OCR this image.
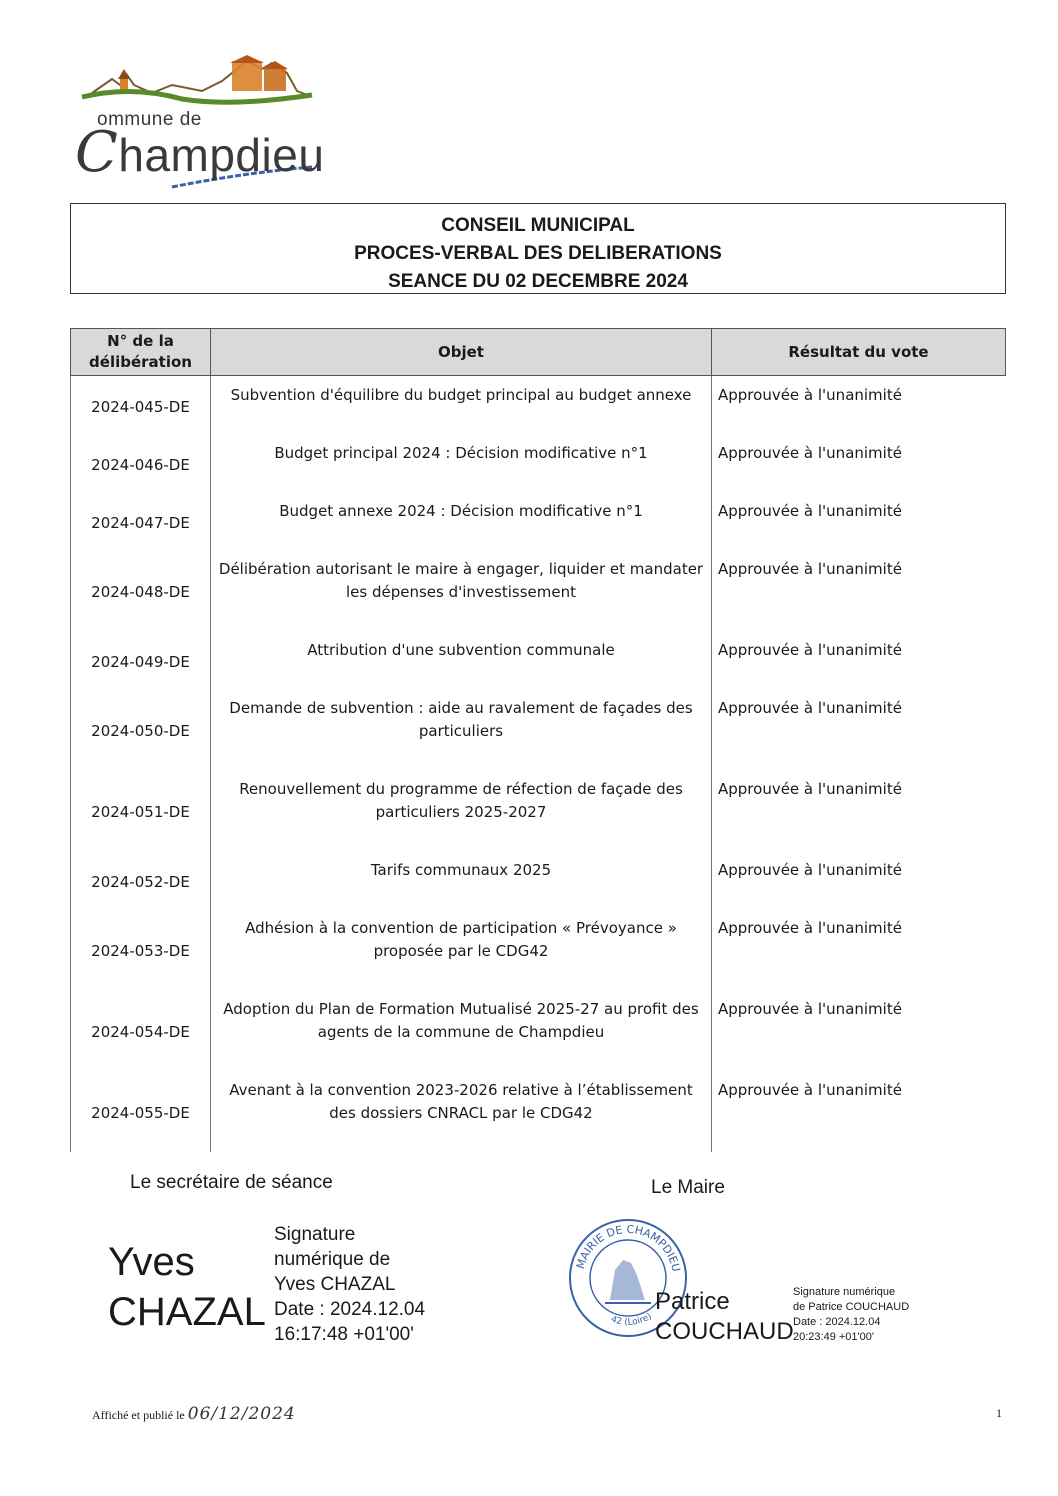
ommune de
Champdieu
CONSEIL MUNICIPAL
PROCES-VERBAL DES DELIBERATIONS
SEANCE DU 02 DECEMBRE 2024
N° de la
délibération	Objet	Résultat du vote
2024-045-DE	Subvention d'équilibre du budget principal au budget annexe	Approuvée à l'unanimité
2024-046-DE	Budget principal 2024 : Décision modificative n°1	Approuvée à l'unanimité
2024-047-DE	Budget annexe 2024 : Décision modificative n°1	Approuvée à l'unanimité
2024-048-DE	Délibération autorisant le maire à engager, liquider et mandater les dépenses d'investissement	Approuvée à l'unanimité
2024-049-DE	Attribution d'une subvention communale	Approuvée à l'unanimité
2024-050-DE	Demande de subvention : aide au ravalement de façades des particuliers	Approuvée à l'unanimité
2024-051-DE	Renouvellement du programme de réfection de façade des particuliers 2025-2027	Approuvée à l'unanimité
2024-052-DE	Tarifs communaux 2025	Approuvée à l'unanimité
2024-053-DE	Adhésion à la convention de participation « Prévoyance » proposée par le CDG42	Approuvée à l'unanimité
2024-054-DE	Adoption du Plan de Formation Mutualisé 2025-27 au profit des agents de la commune de Champdieu	Approuvée à l'unanimité
2024-055-DE	Avenant à la convention 2023-2026 relative à l’établissement des dossiers CNRACL par le CDG42	Approuvée à l'unanimité
Le secrétaire de séance	Le Maire
Yves
CHAZAL
Signature
numérique de
Yves CHAZAL
Date : 2024.12.04
16:17:48 +01'00'
MAIRIE DE CHAMPDIEU
42 (Loire)
Patrice
COUCHAUD
Signature numérique
de Patrice COUCHAUD
Date : 2024.12.04
20:23:49 +01'00'
Affiché et publié le 06/12/2024	1
